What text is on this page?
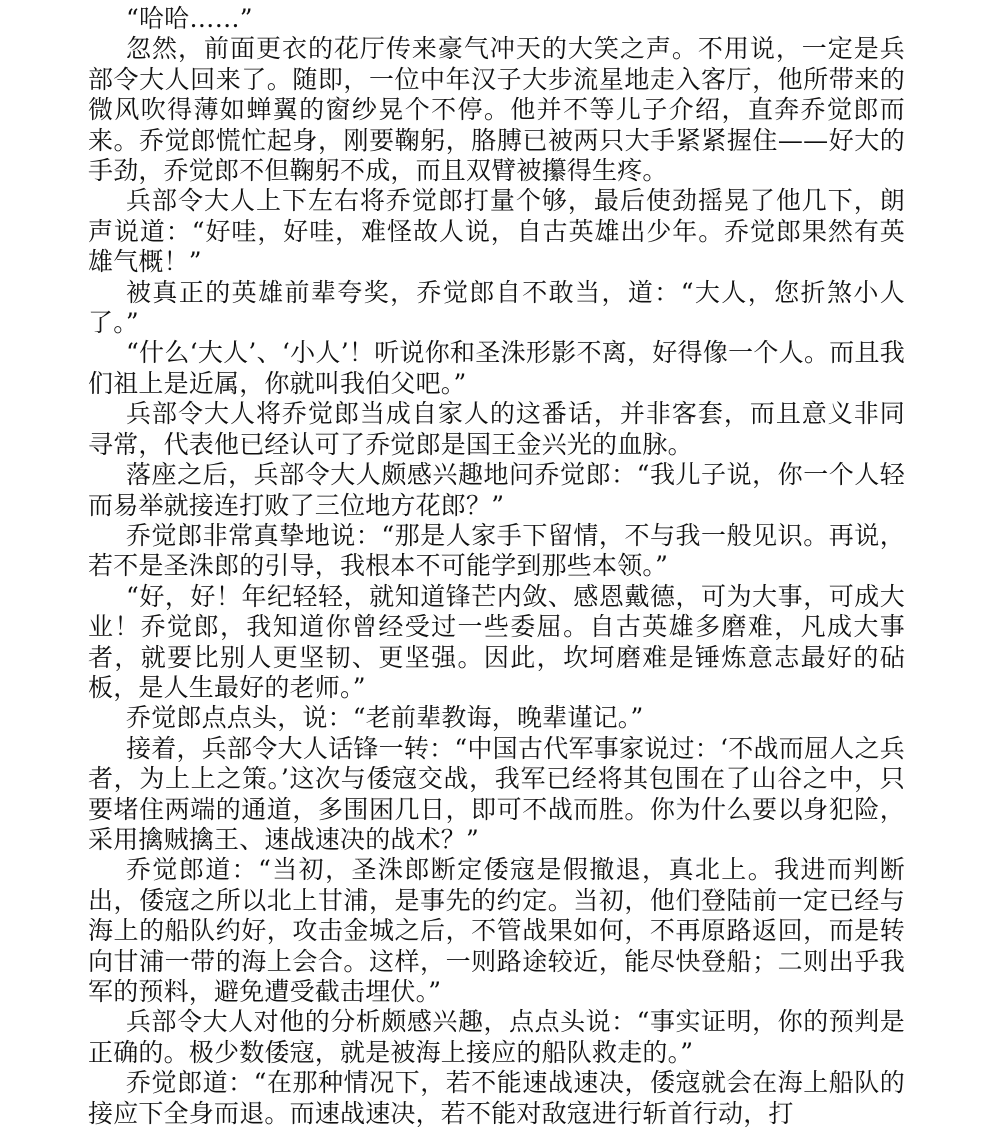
“哈哈……”

忽然，前面更衣的花厅传来豪气冲天的大笑之声。不用说，一定是兵部令大人回来了。随即，一位中年汉子大步流星地走入客厅，他所带来的微风吹得薄如蝉翼的窗纱晃个不停。他并不等儿子介绍，直奔乔觉郎而来。乔觉郎慌忙起身，刚要鞠躬，胳膊已被两只大手紧紧握住——好大的手劲，乔觉郎不但鞠躬不成，而且双臂被攥得生疼。

兵部令大人上下左右将乔觉郎打量个够，最后使劲摇晃了他几下，朗声说道：“好哇，好哇，难怪故人说，自古英雄出少年。乔觉郎果然有英雄气概！”

被真正的英雄前辈夸奖，乔觉郎自不敢当，道：“大人，您折煞小人了。”

“什么‘大人’、‘小人’！听说你和圣洙形影不离，好得像一个人。而且我们祖上是近属，你就叫我伯父吧。”

兵部令大人将乔觉郎当成自家人的这番话，并非客套，而且意义非同寻常，代表他已经认可了乔觉郎是国王金兴光的血脉。

落座之后，兵部令大人颇感兴趣地问乔觉郎：“我儿子说，你一个人轻而易举就接连打败了三位地方花郎？”

乔觉郎非常真挚地说：“那是人家手下留情，不与我一般见识。再说，若不是圣洙郎的引导，我根本不可能学到那些本领。”

“好，好！年纪轻轻，就知道锋芒内敛、感恩戴德，可为大事，可成大业！乔觉郎，我知道你曾经受过一些委屈。自古英雄多磨难，凡成大事者，就要比别人更坚韧、更坚强。因此，坎坷磨难是锤炼意志最好的砧板，是人生最好的老师。”

乔觉郎点点头，说：“老前辈教诲，晚辈谨记。”

接着，兵部令大人话锋一转：“中国古代军事家说过：‘不战而屈人之兵者，为上上之策。’这次与倭寇交战，我军已经将其包围在了山谷之中，只要堵住两端的通道，多围困几日，即可不战而胜。你为什么要以身犯险，采用擒贼擒王、速战速决的战术？”

乔觉郎道：“当初，圣洙郎断定倭寇是假撤退，真北上。我进而判断出，倭寇之所以北上甘浦，是事先的约定。当初，他们登陆前一定已经与海上的船队约好，攻击金城之后，不管战果如何，不再原路返回，而是转向甘浦一带的海上会合。这样，一则路途较近，能尽快登船；二则出乎我军的预料，避免遭受截击埋伏。”

兵部令大人对他的分析颇感兴趣，点点头说：“事实证明，你的预判是正确的。极少数倭寇，就是被海上接应的船队救走的。”

乔觉郎道：“在那种情况下，若不能速战速决，倭寇就会在海上船队的接应下全身而退。而速战速决，若不能对敌寇进行斩首行动，打
